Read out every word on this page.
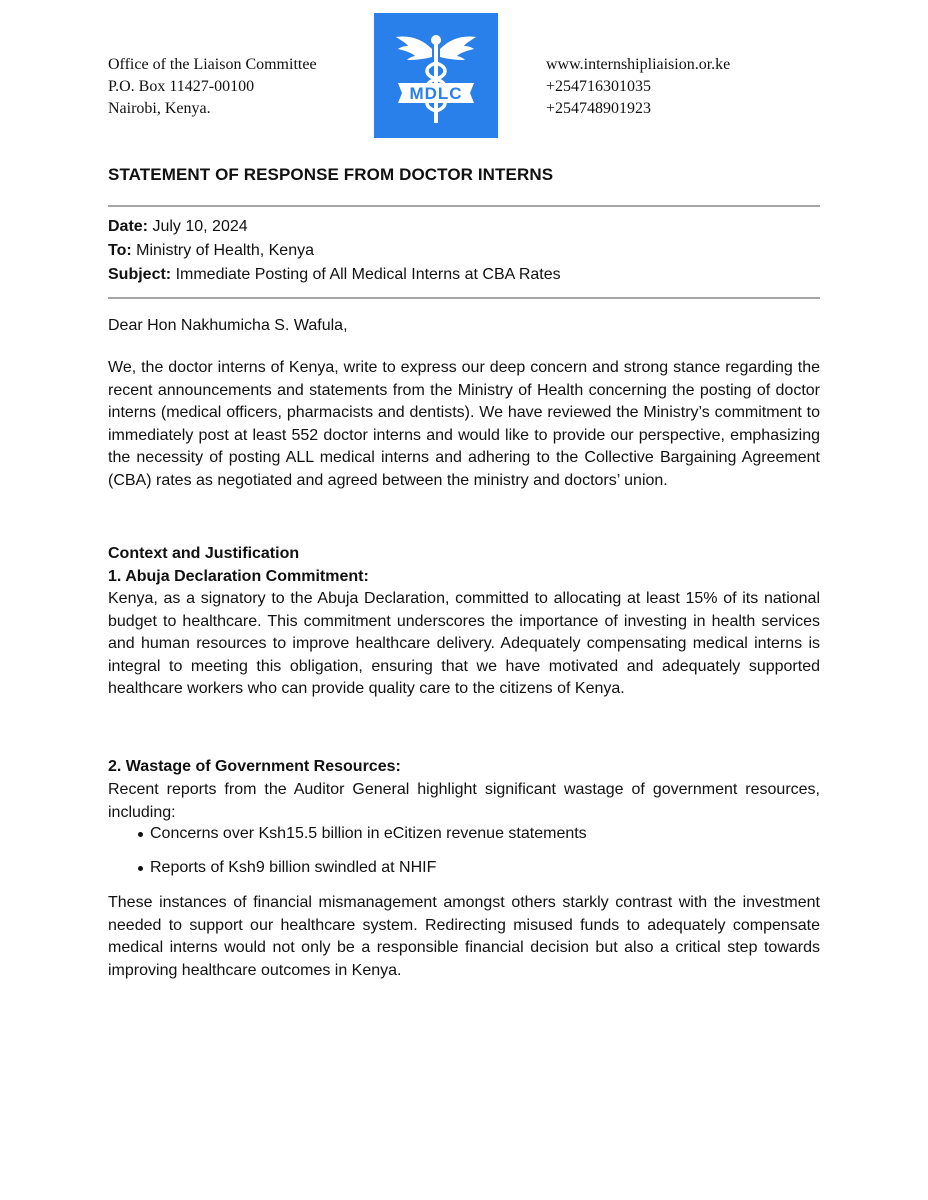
Office of the Liaison Committee
P.O. Box 11427-00100
Nairobi, Kenya.
MDLC
www.internshipliaision.or.ke
+254716301035
+254748901923
STATEMENT OF RESPONSE FROM DOCTOR INTERNS
Date: July 10, 2024
To: Ministry of Health, Kenya
Subject: Immediate Posting of All Medical Interns at CBA Rates
Dear Hon Nakhumicha S. Wafula,
We, the doctor interns of Kenya, write to express our deep concern and strong stance regarding the recent announcements and statements from the Ministry of Health concerning the posting of doctor interns (medical officers, pharmacists and dentists). We have reviewed the Ministry’s commitment to immediately post at least 552 doctor interns and would like to provide our perspective, emphasizing the necessity of posting ALL medical interns and adhering to the Collective Bargaining Agreement (CBA) rates as negotiated and agreed between the ministry and doctors’ union.
Context and Justification
1. Abuja Declaration Commitment:
Kenya, as a signatory to the Abuja Declaration, committed to allocating at least 15% of its national budget to healthcare. This commitment underscores the importance of investing in health services and human resources to improve healthcare delivery. Adequately compensating medical interns is integral to meeting this obligation, ensuring that we have motivated and adequately supported healthcare workers who can provide quality care to the citizens of Kenya.
2. Wastage of Government Resources:
Recent reports from the Auditor General highlight significant wastage of government resources, including:
Concerns over Ksh15.5 billion in eCitizen revenue statements
Reports of Ksh9 billion swindled at NHIF
These instances of financial mismanagement amongst others starkly contrast with the investment needed to support our healthcare system. Redirecting misused funds to adequately compensate medical interns would not only be a responsible financial decision but also a critical step towards improving healthcare outcomes in Kenya.
